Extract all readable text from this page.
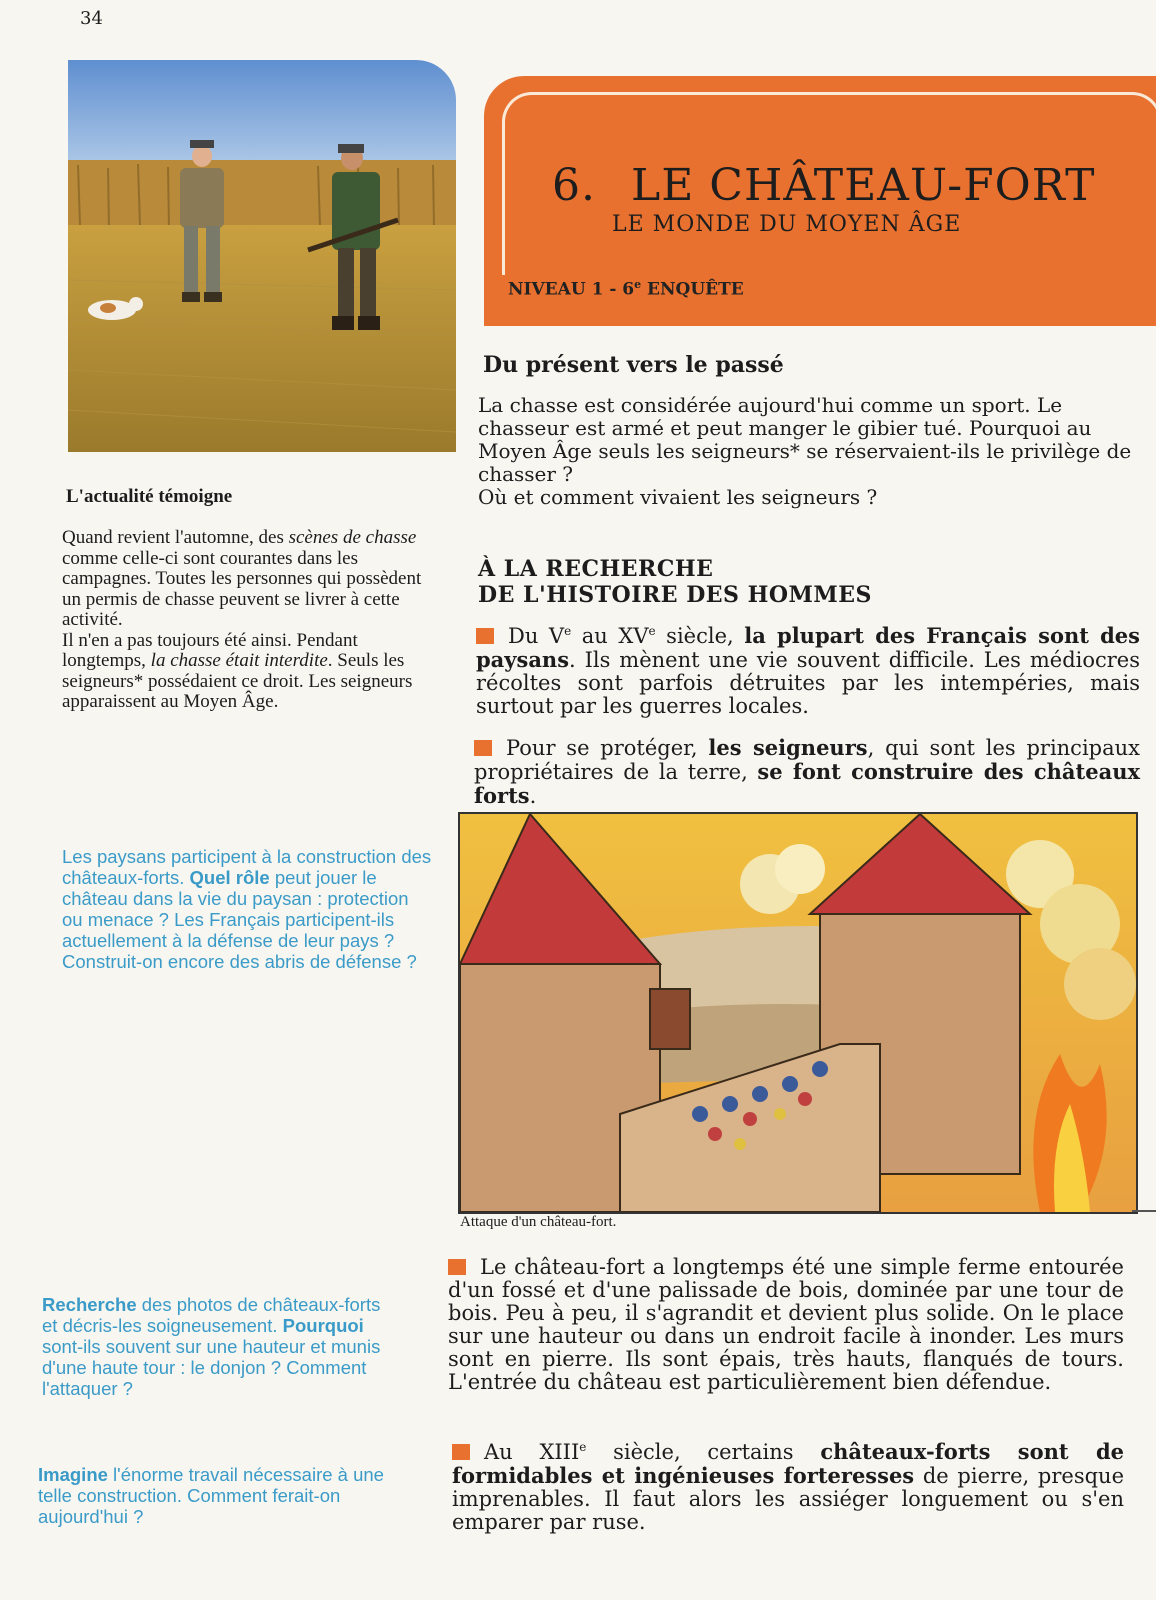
34
6. LE CHÂTEAU-FORT
LE MONDE DU MOYEN ÂGE
NIVEAU 1 - 6e ENQUÊTE
L'actualité témoigne

Quand revient l'automne, des scènes de chasse comme celle-ci sont courantes dans les campagnes. Toutes les personnes qui possèdent un permis de chasse peuvent se livrer à cette activité.

Il n'en a pas toujours été ainsi. Pendant longtemps, la chasse était interdite. Seuls les seigneurs* possédaient ce droit. Les seigneurs apparaissent au Moyen Âge.

Les paysans participent à la construction des châteaux-forts. Quel rôle peut jouer le château dans la vie du paysan : protection ou menace ? Les Français participent-ils actuellement à la défense de leur pays ? Construit-on encore des abris de défense ?
Recherche des photos de châteaux-forts et décris-les soigneusement. Pourquoi sont-ils souvent sur une hauteur et munis d'une haute tour : le donjon ? Comment l'attaquer ?
Imagine l'énorme travail nécessaire à une telle construction. Comment ferait-on aujourd'hui ?
Du présent vers le passé
La chasse est considérée aujourd'hui comme un sport. Le chasseur est armé et peut manger le gibier tué. Pourquoi au Moyen Âge seuls les seigneurs* se réservaient-ils le privilège de chasser ?
Où et comment vivaient les seigneurs ?
À LA RECHERCHE
DE L'HISTOIRE DES HOMMES
Du Ve au XVe siècle, la plupart des Français sont des paysans. Ils mènent une vie souvent difficile. Les médiocres récoltes sont parfois détruites par les intempéries, mais surtout par les guerres locales.
Pour se protéger, les seigneurs, qui sont les principaux propriétaires de la terre, se font construire des châteaux forts.
Attaque d'un château-fort.
Le château-fort a longtemps été une simple ferme entourée d'un fossé et d'une palissade de bois, dominée par une tour de bois. Peu à peu, il s'agrandit et devient plus solide. On le place sur une hauteur ou dans un endroit facile à inonder. Les murs sont en pierre. Ils sont épais, très hauts, flanqués de tours. L'entrée du château est particulièrement bien défendue.
Au XIIIe siècle, certains châteaux-forts sont de formidables et ingénieuses forteresses de pierre, presque imprenables. Il faut alors les assiéger longuement ou s'en emparer par ruse.
